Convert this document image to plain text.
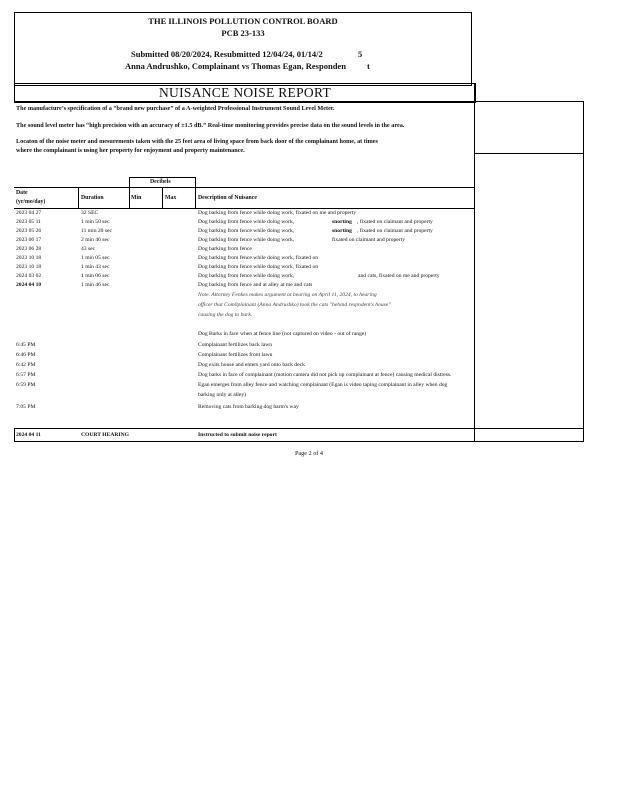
THE ILLINOIS POLLUTION CONTROL BOARD
PCB 23-133
Submitted 08/20/2024, Resubmitted 12/04/24, 01/14/2	5
Anna Andrushko, Complainant vs Thomas Egan, Responden t
NUISANCE NOISE REPORT
The manufacture’s specification of a “brand new purchase” of a A-weighted Professional Instrument Sound Level Meter.
The sound level meter has “high precision with an accuracy of ±1.5 dB.” Real-time monitoring provides precise data on the sound levels in the area.
Locaton of the noise meter and mesurements taken with the 25 feet area of living space from back door of the complainant home, at times
where the complainant is using her property for enjoyment and property maintenance.
Decibels
Date
(yr/mo/day)
Duration	Min	Max	Description of Nuisance
2023 04 27	32 SEC	Dog barking from fence while doing work, fixated on me and property
2023 05 11	1 min 50 sec	Dog barking from fence while doing work,	snorting , fixated on claimant and property
2023 05 26	11 min 20 sec	Dog barking from fence while doing work,	snorting , fixated on claimant and property
2023 06 17	2 min 46 sec	Dog barking from fence while doing work,	fixated on claimant and property
2023 06 28	43 sec	Dog barking from fence
2023 10 18	1 min 05 sec	Dog barking from fence while doing work, fixated on
2023 10 18	1 min 43 sec	Dog barking from fence while doing work, fixated on
2024 03 02	1 min 06 sec	Dog barking from fence while doing work,	and cats, fixated on me and property
2024 04 10	1 min 46 sec	Dog barking from fence and at alley at me and cats
Note. Attorney Fenkes makes argument at hearing on April 11, 2024, to hearing
officer that Com0plainant (Anna Andrushko) took the cats "behind respndent's house"
causing the dog to bark.
Dog Barks in face when at fence line (not captured on video - out of range)
6:45 PM	Complainant fertilizes back lawn
6:46 PM	Complainant fertilizes front lawn
6:42 PM	Dog exits house and enters yard onto back deck
6:57 PM	Dog barks in face of complainant (motion camera did not pick up complainant at fence) causing medical distress.
6:59 PM	Egan emerges from alley fence and watching complainant (Egan is video taping complainant in alley when dog
barking only at alley)
7:05 PM	Removing cats from barking dog harm's way
2024 04 11	COURT HEARING	Instructed to submit noise report
Page 2 of 4
